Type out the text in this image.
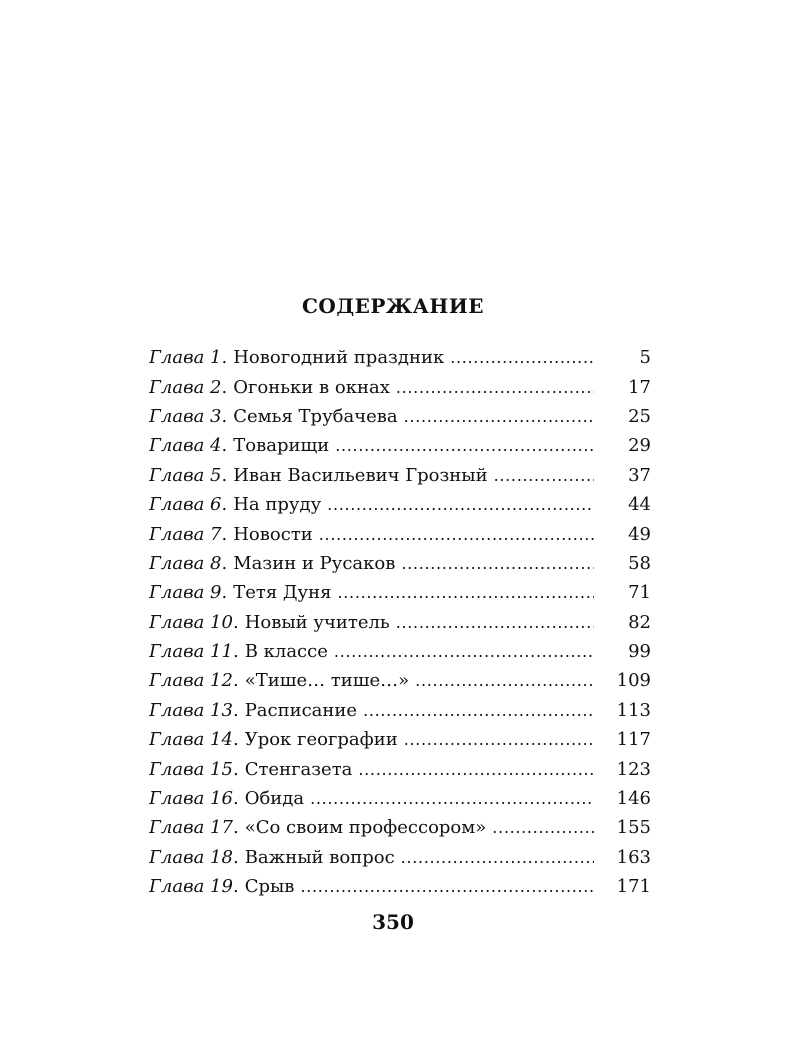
СОДЕРЖАНИЕ
Глава 1 . Новогодний праздник . . .	5
Глава 2 . Огоньки в окнах . . .	17
Глава 3 . Семья Трубачева . . .	25
Глава 4 . Товарищи . . .	29
Глава 5 . Иван Васильевич Грозный . . .	37
Глава 6 . На пруду . . .	44
Глава 7 . Новости . . .	49
Глава 8 . Мазин и Русаков . . .	58
Глава 9 . Тетя Дуня . . .	71
Глава 10 . Новый учитель . . .	82
Глава 11 . В классе . . .	99
Глава 12 . «Тише… тише…» . . .	109
Глава 13 . Расписание . . .	113
Глава 14 . Урок географии . . .	117
Глава 15 . Стенгазета . . .	123
Глава 16 . Обида . . .	146
Глава 17 . «Со своим профессором» . . .	155
Глава 18 . Важный вопрос . . .	163
Глава 19 . Срыв . . .	171
350
